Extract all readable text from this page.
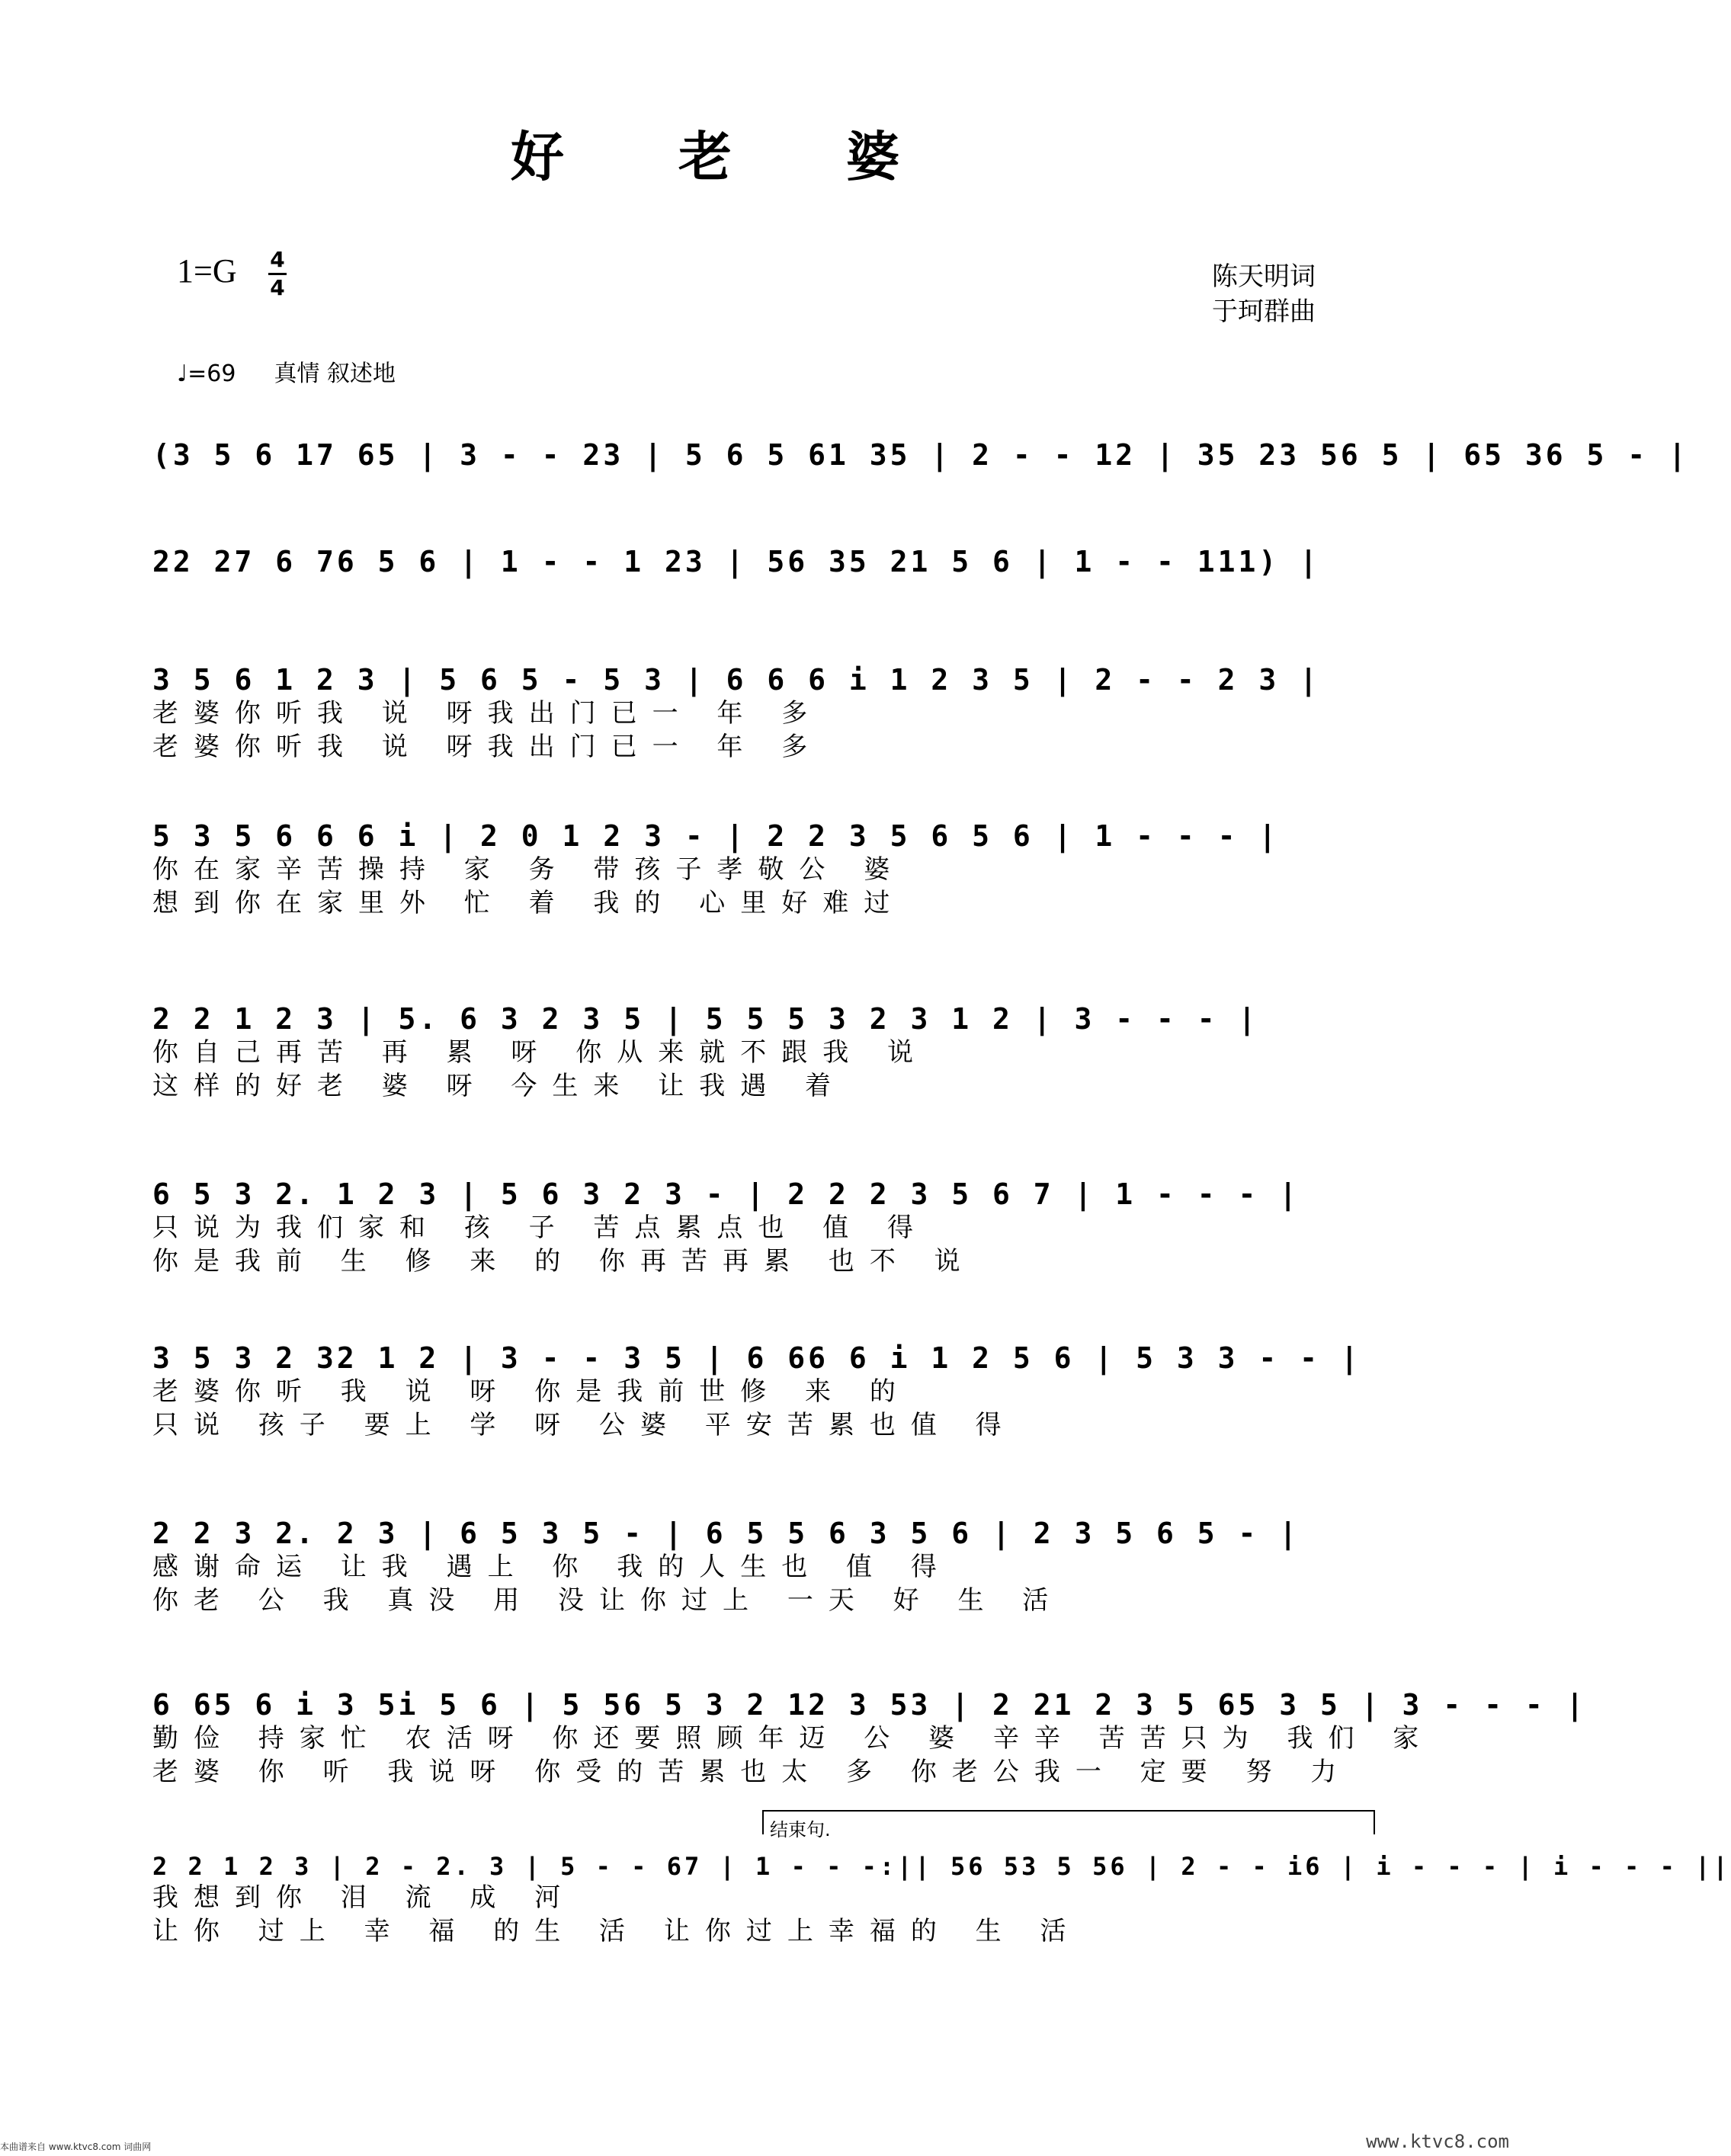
好老婆
1=G 4
4	陈天明词
于珂群曲
♩=69 真情 叙述地
(3 5 6 17 65 | 3 - - 23 | 5 6 5 61 35 | 2 - - 12 | 35 23 56 5 | 65 36 5 - |
22 27 6 76 5 6 | 1 - - 1 23 | 56 35 21 5 6 | 1 - - 111) |
3 5 6 1 2 3 | 5 6 5 - 5 3 | 6 6 6 i 1 2 3 5 | 2 - - 2 3 |
老婆你听我 说 呀我出门已一 年 多
老婆你听我 说 呀我出门已一 年 多
5 3 5 6 6 6 i | 2 0 1 2 3 - | 2 2 3 5 6 5 6 | 1 - - - |
你在家辛苦操持 家 务 带孩子孝敬公 婆
想到你在家里外 忙 着 我的 心里好难过
2 2 1 2 3 | 5. 6 3 2 3 5 | 5 5 5 3 2 3 1 2 | 3 - - - |
你自己再苦 再 累 呀 你从来就不跟我 说
这样的好老 婆 呀 今生来 让我遇 着
6 5 3 2. 1 2 3 | 5 6 3 2 3 - | 2 2 2 3 5 6 7 | 1 - - - |
只说为我们家和 孩 子 苦点累点也 值 得
你是我前 生 修 来 的 你再苦再累 也不 说
3 5 3 2 32 1 2 | 3 - - 3 5 | 6 66 6 i 1 2 5 6 | 5 3 3 - - |
老婆你听 我 说 呀 你是我前世修 来 的
只说 孩子 要上 学 呀 公婆 平安苦累也值 得
2 2 3 2. 2 3 | 6 5 3 5 - | 6 5 5 6 3 5 6 | 2 3 5 6 5 - |
感谢命运 让我 遇上 你 我的人生也 值 得
你老 公 我 真没 用 没让你过上 一天 好 生 活
6 65 6 i 3 5i 5 6 | 5 56 5 3 2 12 3 53 | 2 21 2 3 5 65 3 5 | 3 - - - |
勤俭 持家忙 农活呀 你还要照顾年迈 公 婆 辛辛 苦苦只为 我们 家
老婆 你 听 我说呀 你受的苦累也太 多 你老公我一 定要 努 力
结束句.
2 2 1 2 3 | 2 - 2. 3 | 5 - - 67 | 1 - - -:|| 56 53 5 56 | 2 - - i6 | i - - - | i - - - ||
我想到你 泪 流 成 河
让你 过上 幸 福 的生 活 让你过上幸福的 生 活
本曲谱来自 www.ktvc8.com 词曲网	www.ktvc8.com
